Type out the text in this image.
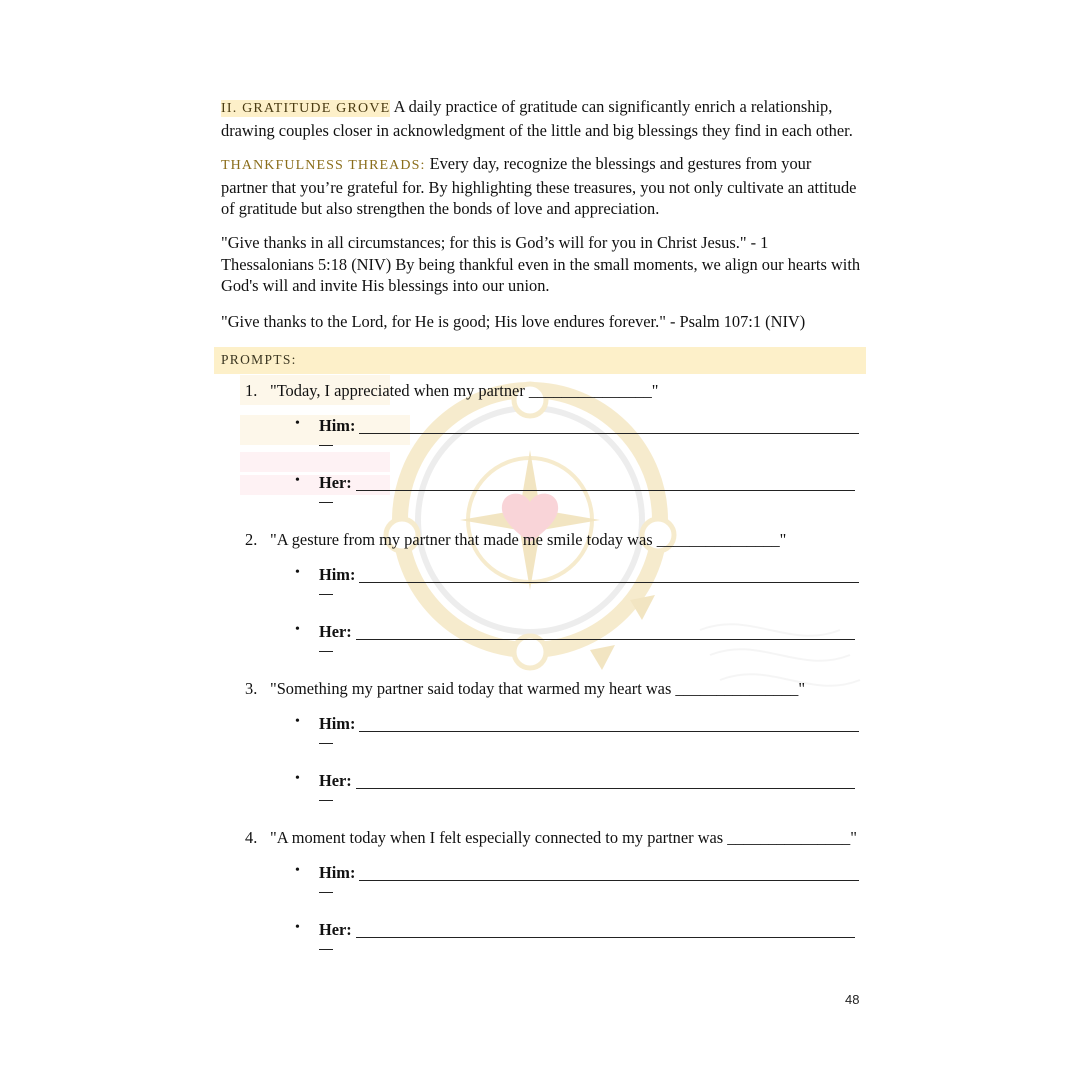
II. GRATITUDE GROVE A daily practice of gratitude can significantly enrich a relationship, drawing couples closer in acknowledgment of the little and big blessings they find in each other.

THANKFULNESS THREADS: Every day, recognize the blessings and gestures from your partner that you’re grateful for. By highlighting these treasures, you not only cultivate an attitude of gratitude but also strengthen the bonds of love and appreciation.

"Give thanks in all circumstances; for this is God’s will for you in Christ Jesus." - 1 Thessalonians 5:18 (NIV) By being thankful even in the small moments, we align our hearts with God's will and invite His blessings into our union.

"Give thanks to the Lord, for He is good; His love endures forever." - Psalm 107:1 (NIV)

PROMPTS:
1. "Today, I appreciated when my partner _______________"
• Him:
• Her:
2. "A gesture from my partner that made me smile today was _______________"
• Him:
• Her:
3. "Something my partner said today that warmed my heart was _______________"
• Him:
• Her:
4. "A moment today when I felt especially connected to my partner was _______________"
• Him:
• Her:
48
